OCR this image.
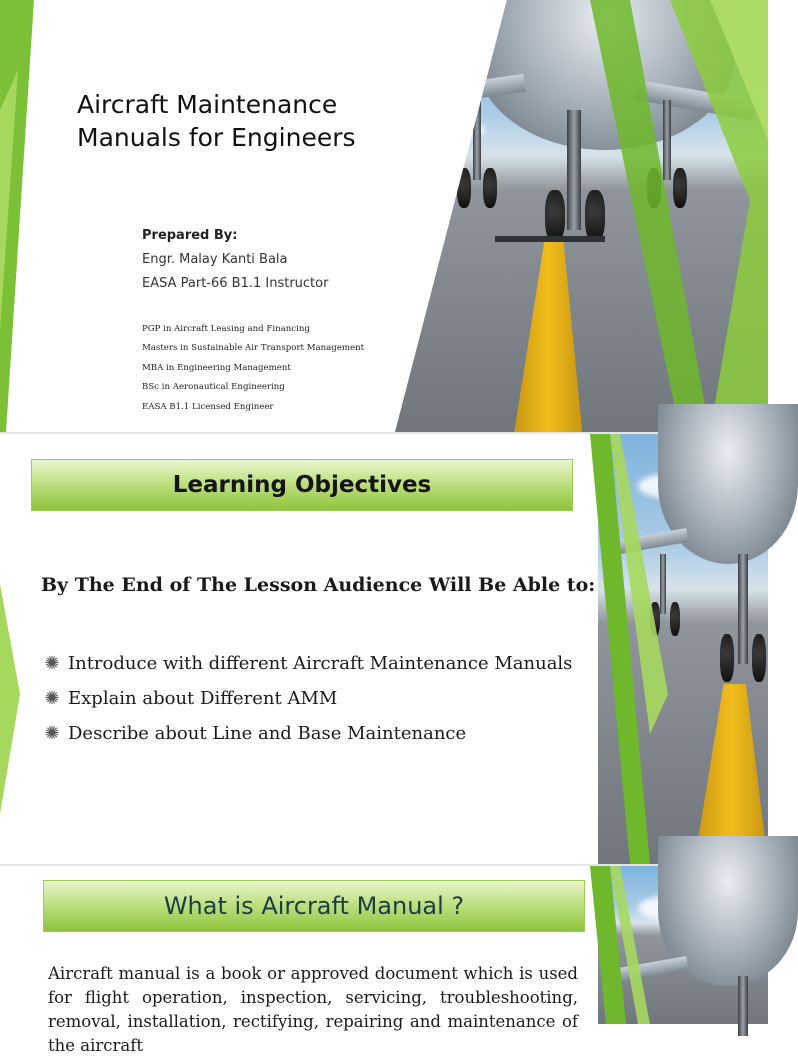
Aircraft Maintenance
Manuals for Engineers

Prepared By:

Engr. Malay Kanti Bala

EASA Part-66 B1.1 Instructor

PGP in Aircraft Leasing and Financing

Masters in Sustainable Air Transport Management

MBA in Engineering Management

BSc in Aeronautical Engineering

EASA B1.1 Licensed Engineer

Learning Objectives

By The End of The Lesson Audience Will Be Able to:

✺ Introduce with different Aircraft Maintenance Manuals
✺ Explain about Different AMM
✺ Describe about Line and Base Maintenance
What is Aircraft Manual ?

Aircraft manual is a book or approved document which is used for flight operation, inspection, servicing, troubleshooting, removal, installation, rectifying, repairing and maintenance of the aircraft
